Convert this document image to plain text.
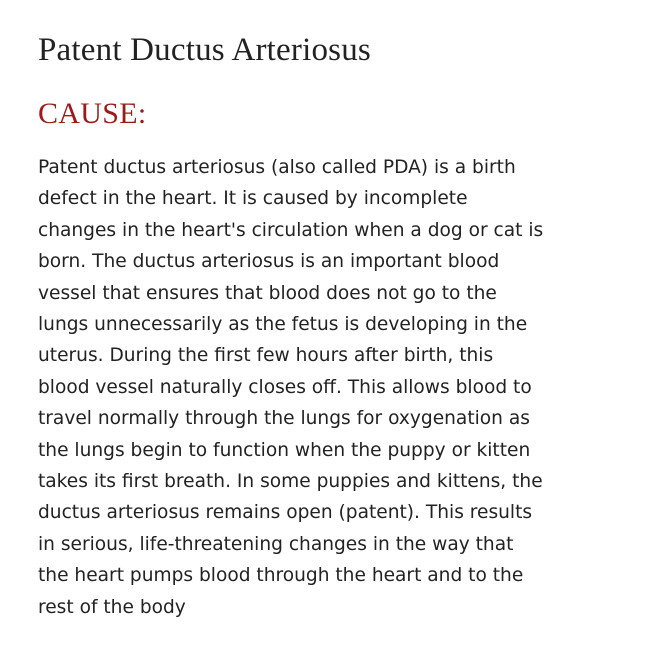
Patent Ductus Arteriosus
CAUSE:

Patent ductus arteriosus (also called PDA) is a birth
defect in the heart. It is caused by incomplete
changes in the heart's circulation when a dog or cat is
born. The ductus arteriosus is an important blood
vessel that ensures that blood does not go to the
lungs unnecessarily as the fetus is developing in the
uterus. During the first few hours after birth, this
blood vessel naturally closes off. This allows blood to
travel normally through the lungs for oxygenation as
the lungs begin to function when the puppy or kitten
takes its first breath. In some puppies and kittens, the
ductus arteriosus remains open (patent). This results
in serious, life-threatening changes in the way that
the heart pumps blood through the heart and to the
rest of the body
